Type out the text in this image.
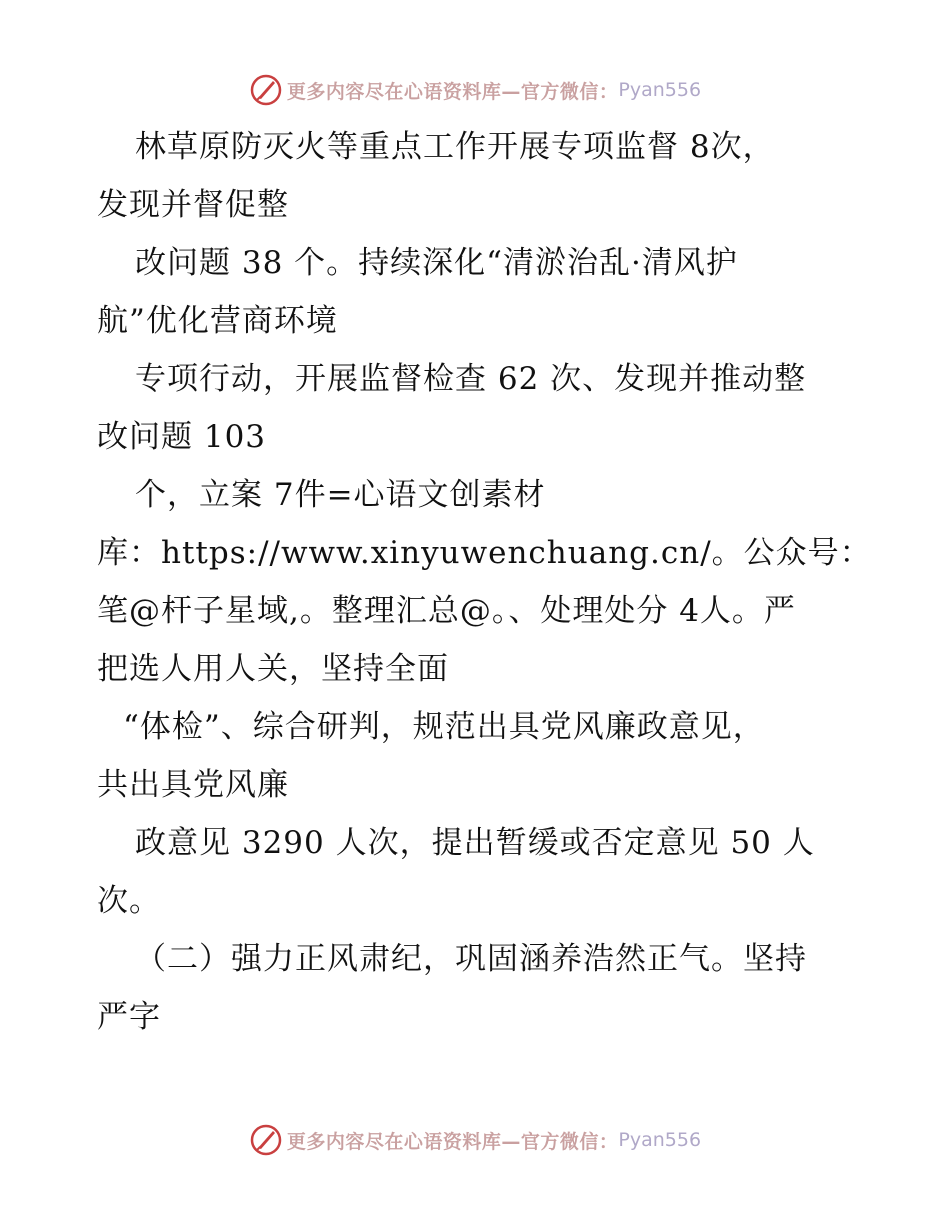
更多内容尽在心语资料库—官方微信： Pyan556
林草原防灭火等重点工作开展专项监督 8次，
发现并督促整
改问题 38 个。持续深化“清淤治乱·清风护
航”优化营商环境
专项行动，开展监督检查 62 次、发现并推动整
改问题 103
个，立案 7件=心语文创素材
库：https://www.xinyuwenchuang.cn/。公众号：
笔@杆子星域,。整理汇总@。、处理处分 4人。严
把选人用人关，坚持全面
“体检”、综合研判，规范出具党风廉政意见，
共出具党风廉
政意见 3290 人次，提出暂缓或否定意见 50 人
次。
（二）强力正风肃纪，巩固涵养浩然正气。坚持
严字
更多内容尽在心语资料库—官方微信： Pyan556
